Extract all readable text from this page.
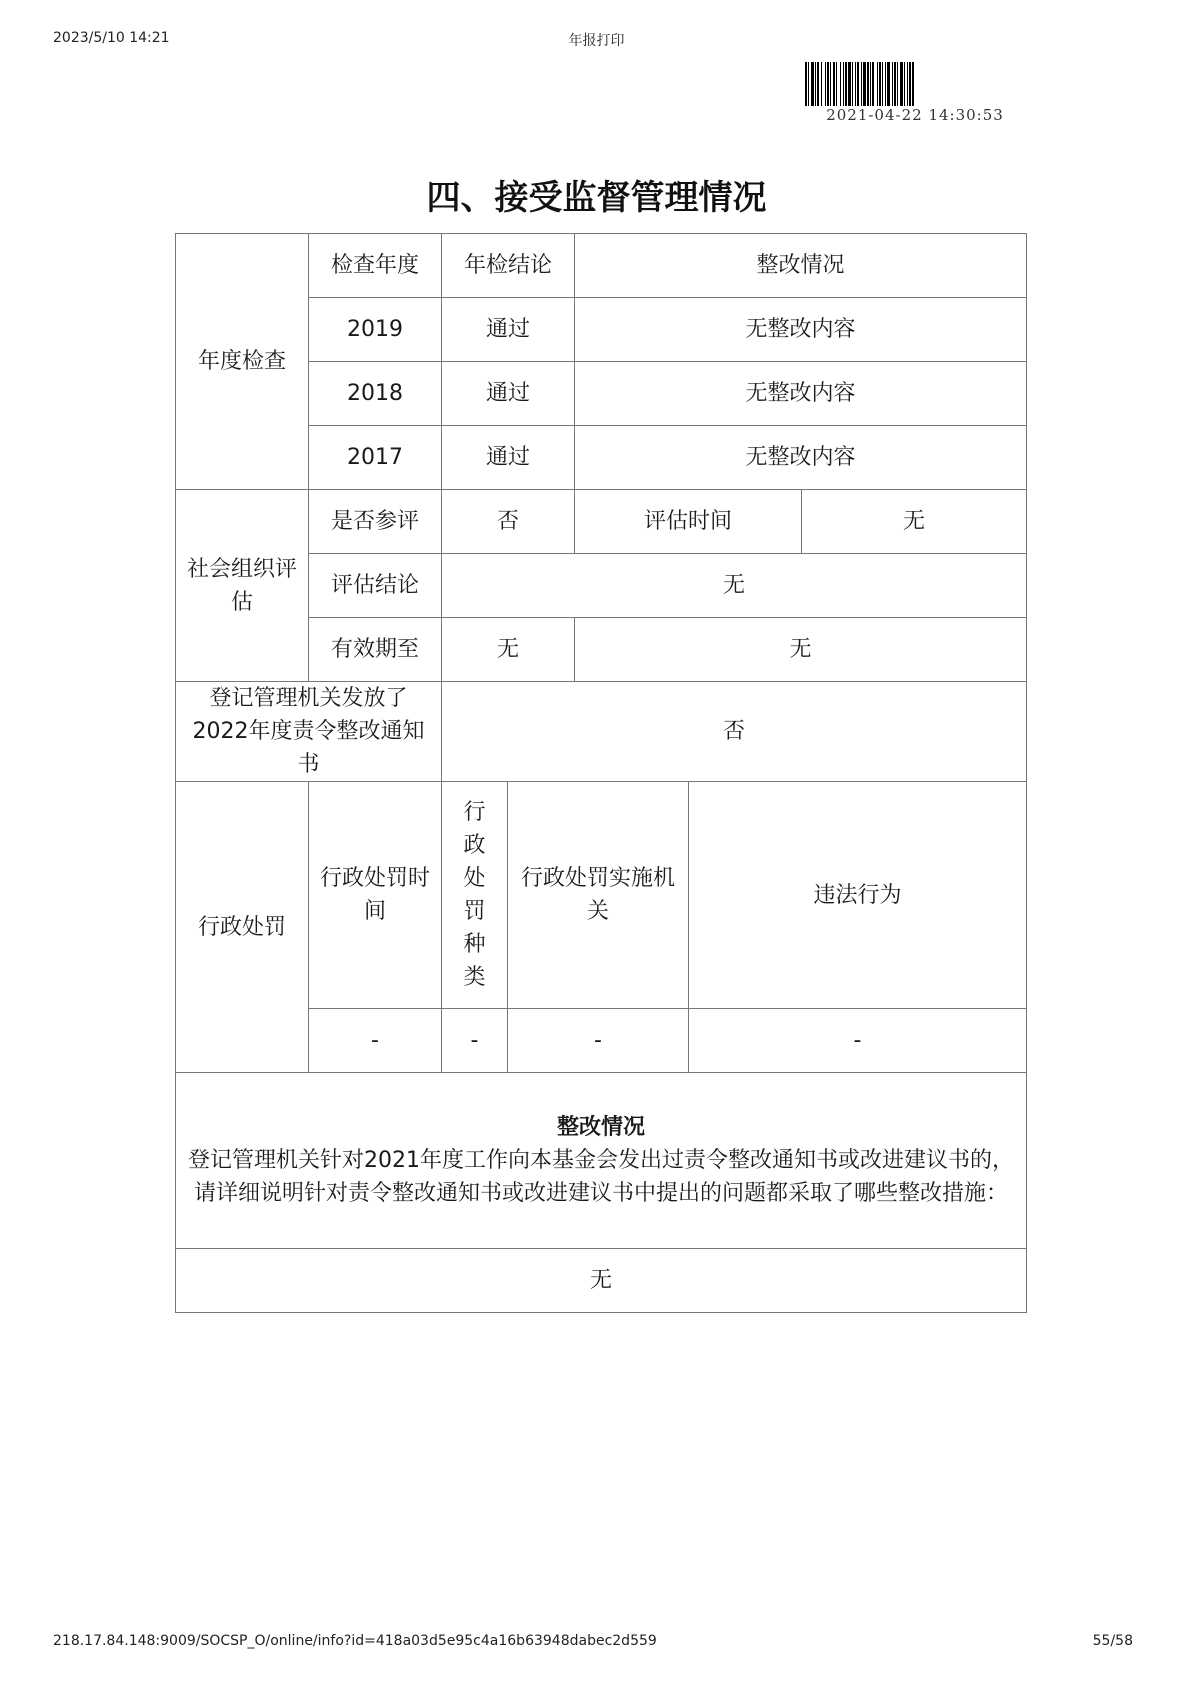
2023/5/10 14:21	年报打印
2021-04-22 14:30:53
四、接受监督管理情况
年度检查	检查年度	年检结论		整改情况		
	2019	通过		无整改内容		
	2018	通过		无整改内容		
	2017	通过		无整改内容		
社会组织评估	是否参评	否		评估时间		无
	评估结论	无				
	有效期至	无		无		
登记管理机关发放了2022年度责令整改通知书		否				
行政处罚	行政处罚时间	行政处罚种类	行政处罚实施机关		违法行为	
	-	-	-		-	

整改情况
登记管理机关针对2021年度工作向本基金会发出过责令整改通知书或改进建议书的，请详细说明针对责令整改通知书或改进建议书中提出的问题都采取了哪些整改措施：						
无						
218.17.84.148:9009/SOCSP_O/online/info?id=418a03d5e95c4a16b63948dabec2d559	55/58
